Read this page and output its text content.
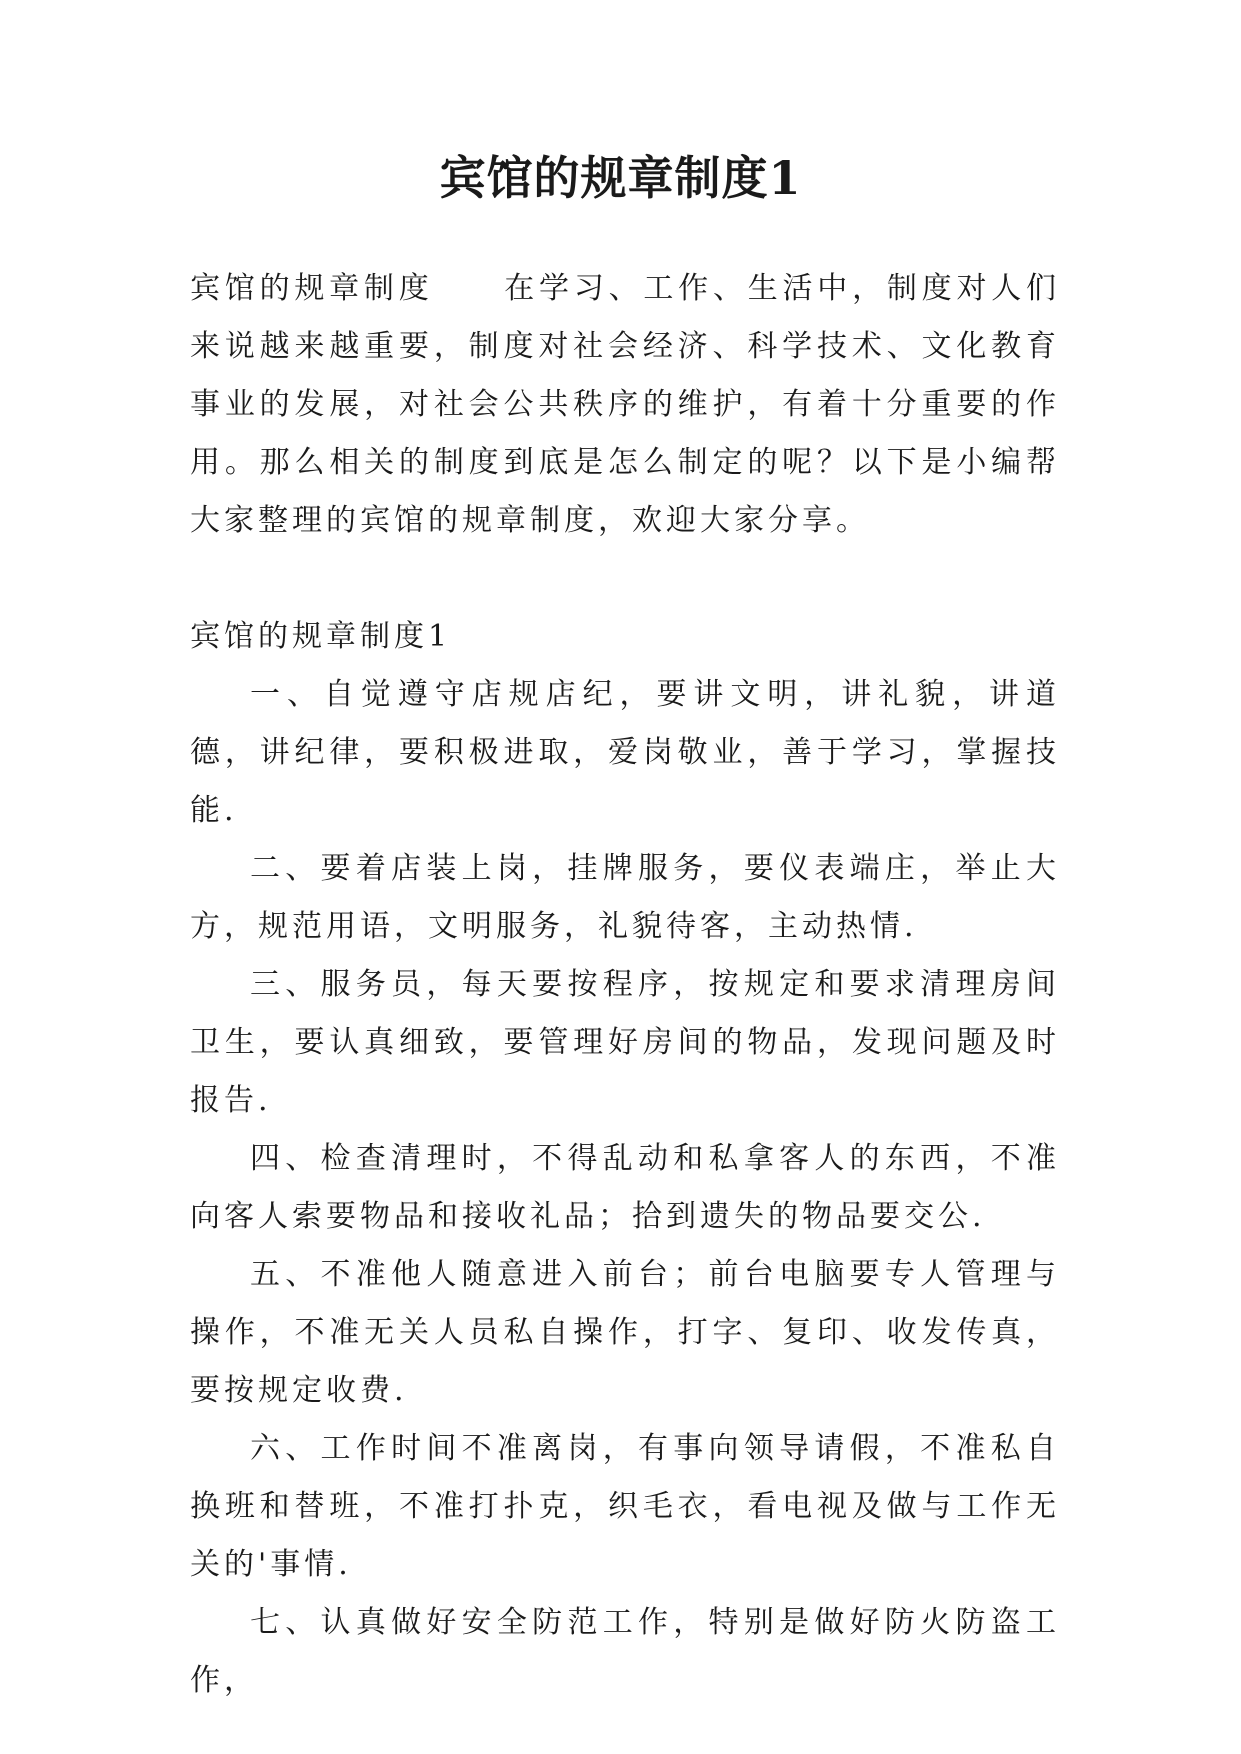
宾馆的规章制度1

宾馆的规章制度 在学习、工作、生活中，制度对人们来说越来越重要，制度对社会经济、科学技术、文化教育事业的发展，对社会公共秩序的维护，有着十分重要的作用。那么相关的制度到底是怎么制定的呢？以下是小编帮大家整理的宾馆的规章制度，欢迎大家分享。

宾馆的规章制度1

一、自觉遵守店规店纪，要讲文明，讲礼貌，讲道德，讲纪律，要积极进取，爱岗敬业，善于学习，掌握技能.

二、要着店装上岗，挂牌服务，要仪表端庄，举止大方，规范用语，文明服务，礼貌待客，主动热情.

三、服务员，每天要按程序，按规定和要求清理房间卫生，要认真细致，要管理好房间的物品，发现问题及时报告.

四、检查清理时，不得乱动和私拿客人的东西，不准向客人索要物品和接收礼品；拾到遗失的物品要交公.

五、不准他人随意进入前台；前台电脑要专人管理与操作，不准无关人员私自操作，打字、复印、收发传真，要按规定收费.

六、工作时间不准离岗，有事向领导请假，不准私自换班和替班，不准打扑克，织毛衣，看电视及做与工作无关的'事情.

七、认真做好安全防范工作，特别是做好防火防盗工作，
